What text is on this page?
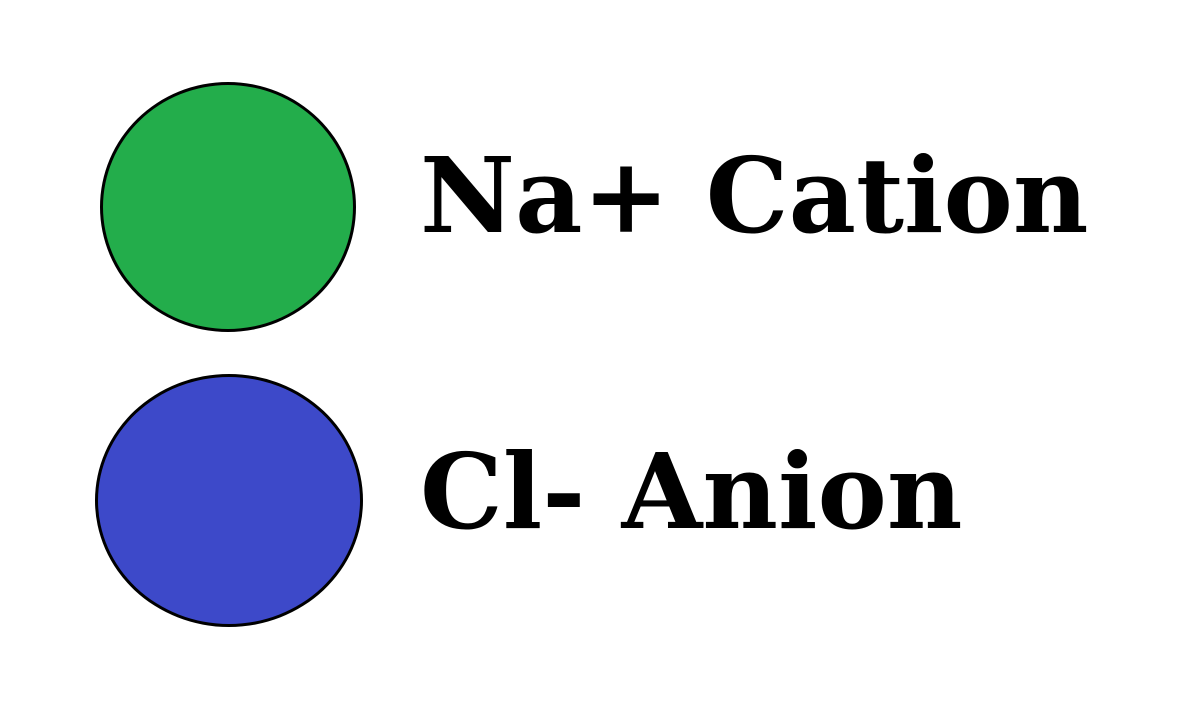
Na+ Cation
Cl- Anion
